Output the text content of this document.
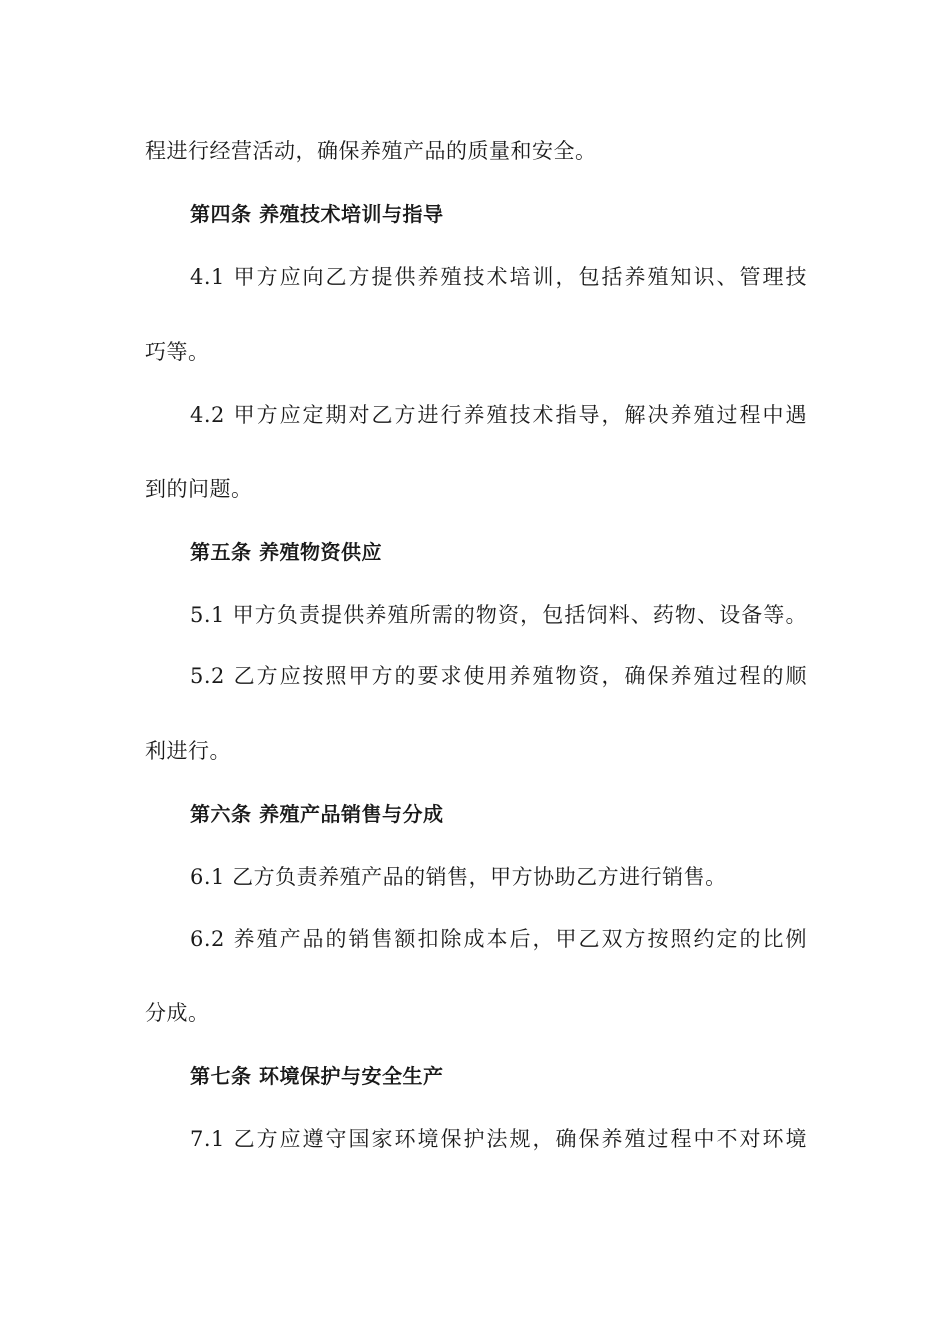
程进行经营活动，确保养殖产品的质量和安全。
第四条 养殖技术培训与指导
4.1 甲方应向乙方提供养殖技术培训，包括养殖知识、管理技
巧等。
4.2 甲方应定期对乙方进行养殖技术指导，解决养殖过程中遇
到的问题。
第五条 养殖物资供应
5.1 甲方负责提供养殖所需的物资，包括饲料、药物、设备等。
5.2 乙方应按照甲方的要求使用养殖物资，确保养殖过程的顺
利进行。
第六条 养殖产品销售与分成
6.1 乙方负责养殖产品的销售，甲方协助乙方进行销售。
6.2 养殖产品的销售额扣除成本后，甲乙双方按照约定的比例
分成。
第七条 环境保护与安全生产
7.1 乙方应遵守国家环境保护法规，确保养殖过程中不对环境
